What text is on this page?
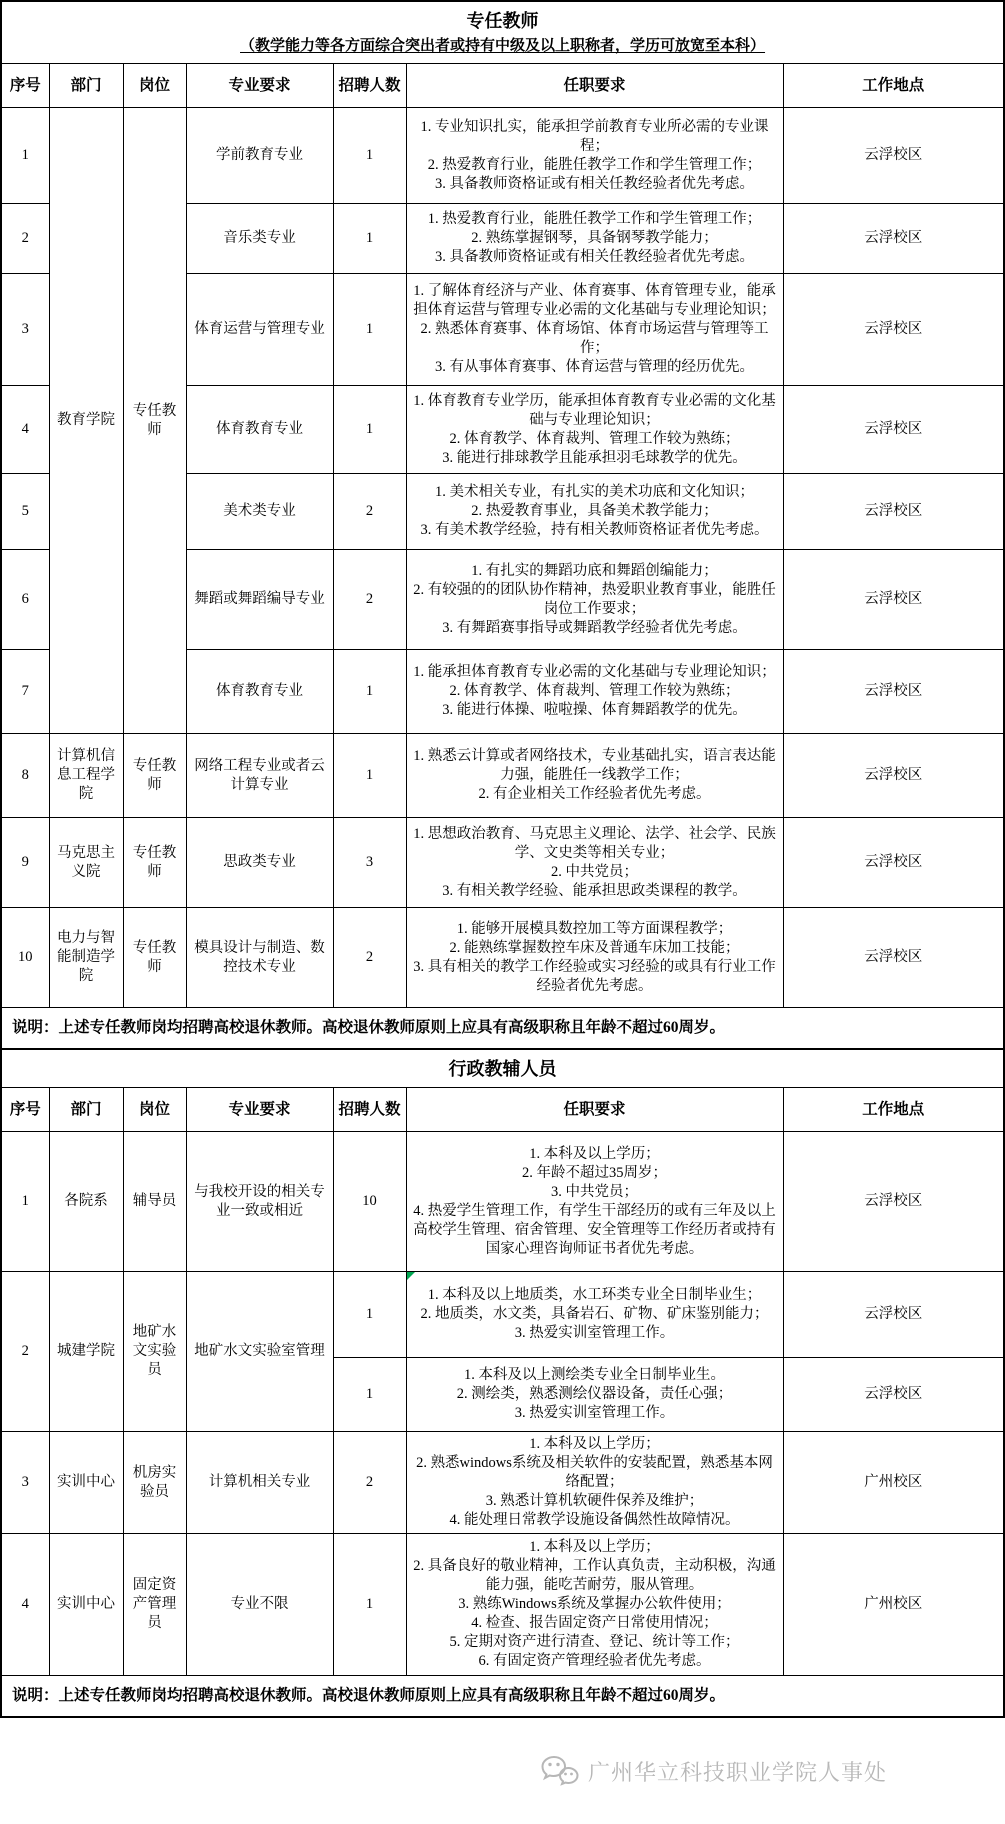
专任教师
（教学能力等各方面综合突出者或持有中级及以上职称者，学历可放宽至本科）						

序号	部门	岗位	专业要求	招聘人数	任职要求	工作地点
1	教育学院	专任教师	学前教育专业	1	1. 专业知识扎实，能承担学前教育专业所必需的专业课程；
2. 热爱教育行业，能胜任教学工作和学生管理工作；
3. 具备教师资格证或有相关任教经验者优先考虑。	云浮校区
2			音乐类专业	1	1. 热爱教育行业，能胜任教学工作和学生管理工作；
2. 熟练掌握钢琴，具备钢琴教学能力；
3. 具备教师资格证或有相关任教经验者优先考虑。	云浮校区
3			体育运营与管理专业	1	1. 了解体育经济与产业、体育赛事、体育管理专业，能承担体育运营与管理专业必需的文化基础与专业理论知识；
2. 熟悉体育赛事、体育场馆、体育市场运营与管理等工作；
3. 有从事体育赛事、体育运营与管理的经历优先。	云浮校区
4			体育教育专业	1	1. 体育教育专业学历，能承担体育教育专业必需的文化基础与专业理论知识；
2. 体育教学、体育裁判、管理工作较为熟练；
3. 能进行排球教学且能承担羽毛球教学的优先。	云浮校区
5			美术类专业	2	1. 美术相关专业，有扎实的美术功底和文化知识；
2. 热爱教育事业，具备美术教学能力；
3. 有美术教学经验，持有相关教师资格证者优先考虑。	云浮校区
6			舞蹈或舞蹈编导专业	2	1. 有扎实的舞蹈功底和舞蹈创编能力；
2. 有较强的的团队协作精神，热爱职业教育事业，能胜任岗位工作要求；
3. 有舞蹈赛事指导或舞蹈教学经验者优先考虑。	云浮校区
7			体育教育专业	1	1. 能承担体育教育专业必需的文化基础与专业理论知识；
2. 体育教学、体育裁判、管理工作较为熟练；
3. 能进行体操、啦啦操、体育舞蹈教学的优先。	云浮校区
8	计算机信息工程学院	专任教师	网络工程专业或者云计算专业	1	1. 熟悉云计算或者网络技术，专业基础扎实，语言表达能力强，能胜任一线教学工作；
2. 有企业相关工作经验者优先考虑。	云浮校区
9	马克思主义院	专任教师	思政类专业	3	1. 思想政治教育、马克思主义理论、法学、社会学、民族学、文史类等相关专业；
2. 中共党员；
3. 有相关教学经验、能承担思政类课程的教学。	云浮校区
10	电力与智能制造学院	专任教师	模具设计与制造、数控技术专业	2	1. 能够开展模具数控加工等方面课程教学；
2. 能熟练掌握数控车床及普通车床加工技能；
3. 具有相关的教学工作经验或实习经验的或具有行业工作经验者优先考虑。	云浮校区
说明：上述专任教师岗均招聘高校退休教师。高校退休教师原则上应具有高级职称且年龄不超过60周岁。						
行政教辅人员						

序号	部门	岗位	专业要求	招聘人数	任职要求	工作地点
1	各院系	辅导员	与我校开设的相关专业一致或相近	10	1. 本科及以上学历；
2. 年龄不超过35周岁；
3. 中共党员；
4. 热爱学生管理工作，有学生干部经历的或有三年及以上高校学生管理、宿舍管理、安全管理等工作经历者或持有国家心理咨询师证书者优先考虑。	云浮校区
2	城建学院	地矿水文实验员	地矿水文实验室管理	1	1. 本科及以上地质类，水工环类专业全日制毕业生；
2. 地质类，水文类，具备岩石、矿物、矿床鉴别能力；
3. 热爱实训室管理工作。	云浮校区
				1	1. 本科及以上测绘类专业全日制毕业生。
2. 测绘类，熟悉测绘仪器设备，责任心强；
3. 热爱实训室管理工作。	云浮校区
3	实训中心	机房实验员	计算机相关专业	2	1. 本科及以上学历；
2. 熟悉windows系统及相关软件的安装配置，熟悉基本网络配置；
3. 熟悉计算机软硬件保养及维护；
4. 能处理日常教学设施设备偶然性故障情况。	广州校区
4	实训中心	固定资产管理员	专业不限	1	
1. 本科及以上学历；
2. 具备良好的敬业精神，工作认真负责，主动积极，沟通能力强，能吃苦耐劳，服从管理。
3. 熟练Windows系统及掌握办公软件使用；
4. 检查、报告固定资产日常使用情况；
5. 定期对资产进行清查、登记、统计等工作；
6. 有固定资产管理经验者优先考虑。
	广州校区
说明：上述专任教师岗均招聘高校退休教师。高校退休教师原则上应具有高级职称且年龄不超过60周岁。						
广州华立科技职业学院人事处
